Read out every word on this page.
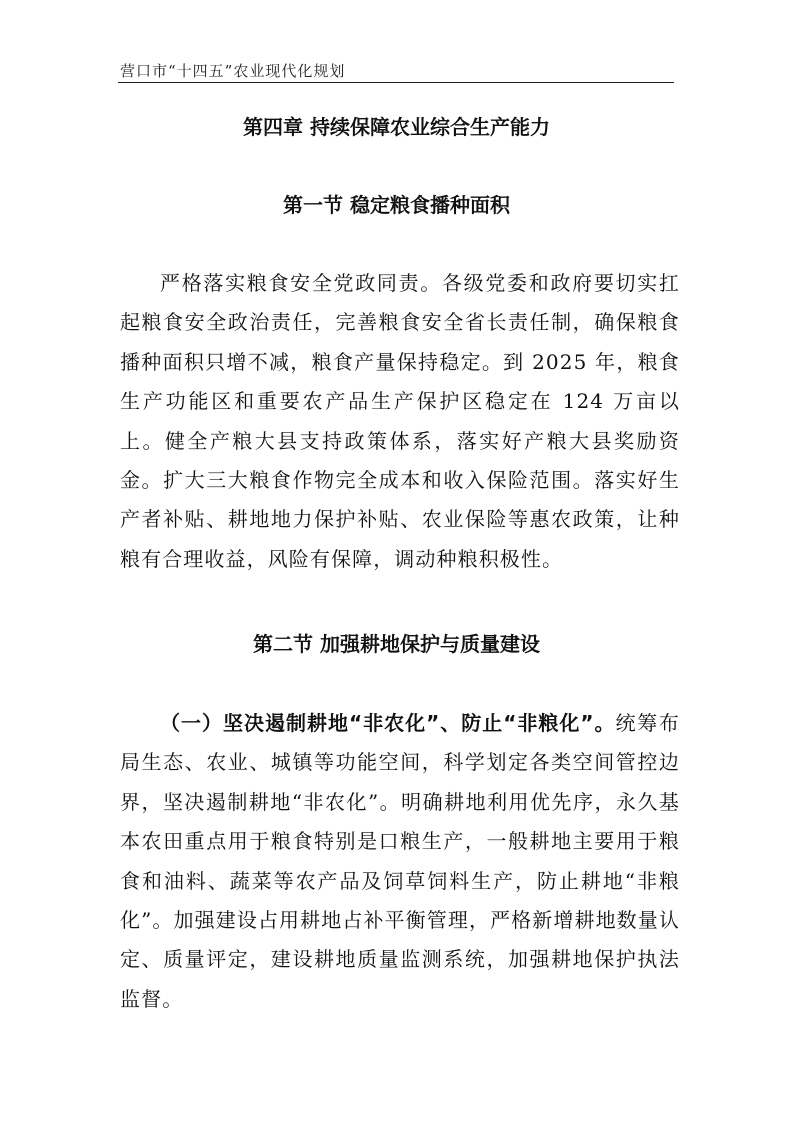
营口市“十四五”农业现代化规划
第四章 持续保障农业综合生产能力
第一节 稳定粮食播种面积

严格落实粮食安全党政同责。各级党委和政府要切实扛起粮食安全政治责任，完善粮食安全省长责任制，确保粮食播种面积只增不减，粮食产量保持稳定。到 2025 年，粮食生产功能区和重要农产品生产保护区稳定在 124 万亩以上。健全产粮大县支持政策体系，落实好产粮大县奖励资金。扩大三大粮食作物完全成本和收入保险范围。落实好生产者补贴、耕地地力保护补贴、农业保险等惠农政策，让种粮有合理收益，风险有保障，调动种粮积极性。

第二节 加强耕地保护与质量建设

（一）坚决遏制耕地“非农化”、防止“非粮化”。统筹布局生态、农业、城镇等功能空间，科学划定各类空间管控边界，坚决遏制耕地“非农化”。明确耕地利用优先序，永久基本农田重点用于粮食特别是口粮生产，一般耕地主要用于粮食和油料、蔬菜等农产品及饲草饲料生产，防止耕地“非粮化”。加强建设占用耕地占补平衡管理，严格新增耕地数量认定、质量评定，建设耕地质量监测系统，加强耕地保护执法监督。
